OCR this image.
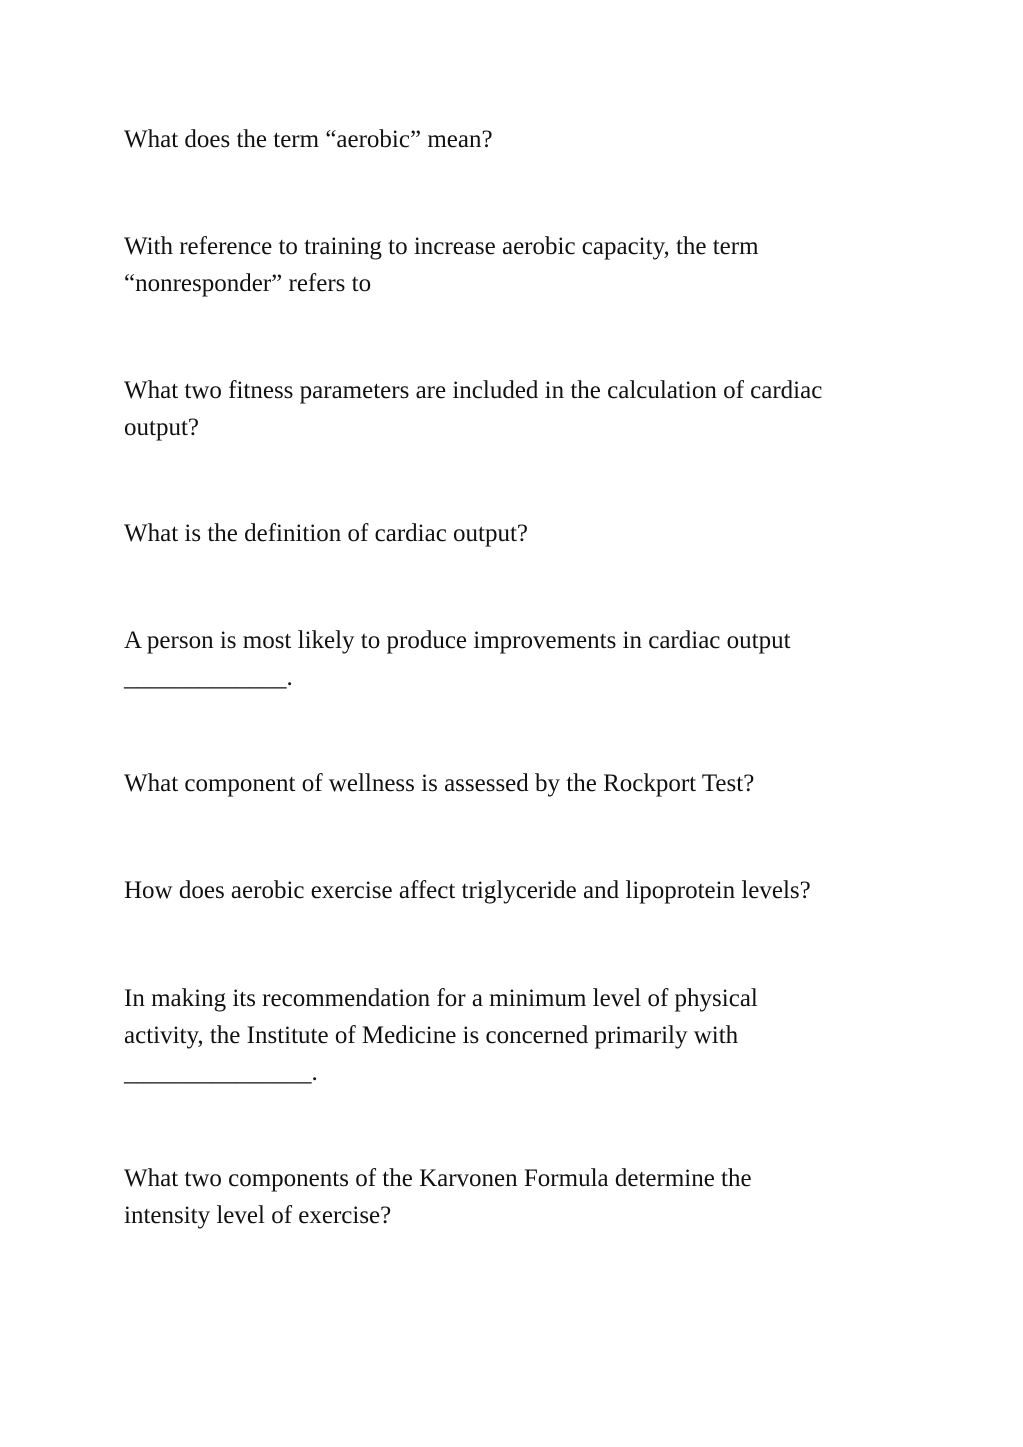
What does the term “aerobic” mean?

With reference to training to increase aerobic capacity, the term
“nonresponder” refers to

What two fitness parameters are included in the calculation of cardiac
output?

What is the definition of cardiac output?

A person is most likely to produce improvements in cardiac output
_____________.

What component of wellness is assessed by the Rockport Test?

How does aerobic exercise affect triglyceride and lipoprotein levels?

In making its recommendation for a minimum level of physical
activity, the Institute of Medicine is concerned primarily with
_______________.

What two components of the Karvonen Formula determine the
intensity level of exercise?
